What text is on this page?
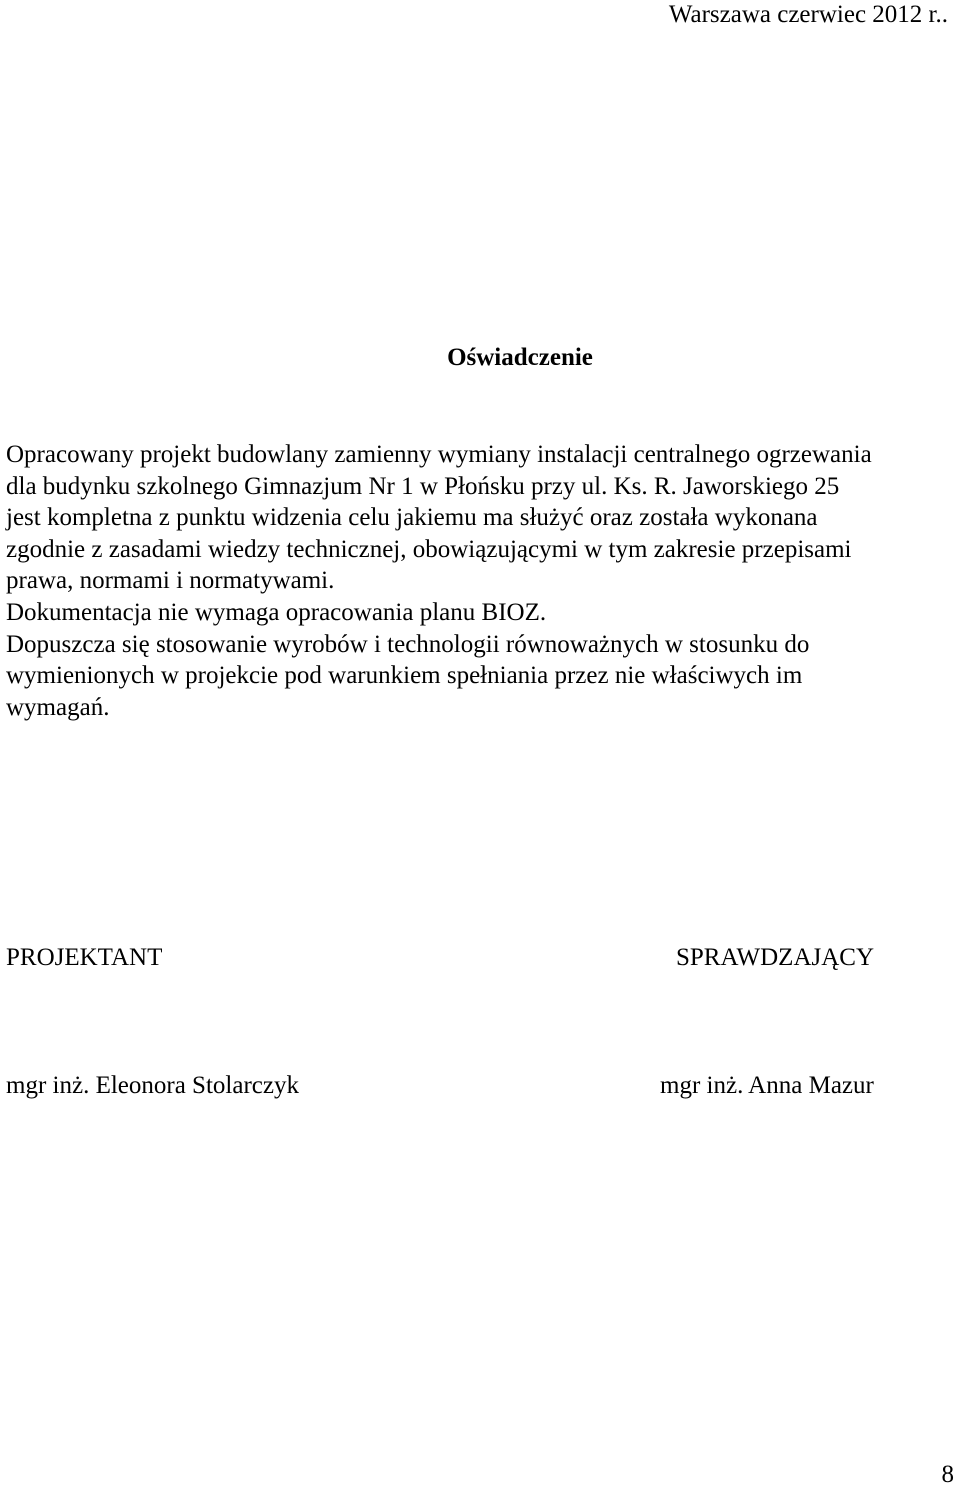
Warszawa czerwiec 2012 r..
Oświadczenie
Opracowany projekt budowlany zamienny wymiany instalacji centralnego ogrzewania
dla budynku szkolnego Gimnazjum Nr 1 w Płońsku przy ul. Ks. R. Jaworskiego 25
jest kompletna z punktu widzenia celu jakiemu ma służyć oraz została wykonana
zgodnie z zasadami wiedzy technicznej, obowiązującymi w tym zakresie przepisami
prawa, normami i normatywami.
Dokumentacja nie wymaga opracowania planu BIOZ.
Dopuszcza się stosowanie wyrobów i technologii równoważnych w stosunku do
wymienionych w projekcie pod warunkiem spełniania przez nie właściwych im
wymagań.
PROJEKTANT	SPRAWDZAJĄCY
mgr inż. Eleonora Stolarczyk	mgr inż. Anna Mazur
8
